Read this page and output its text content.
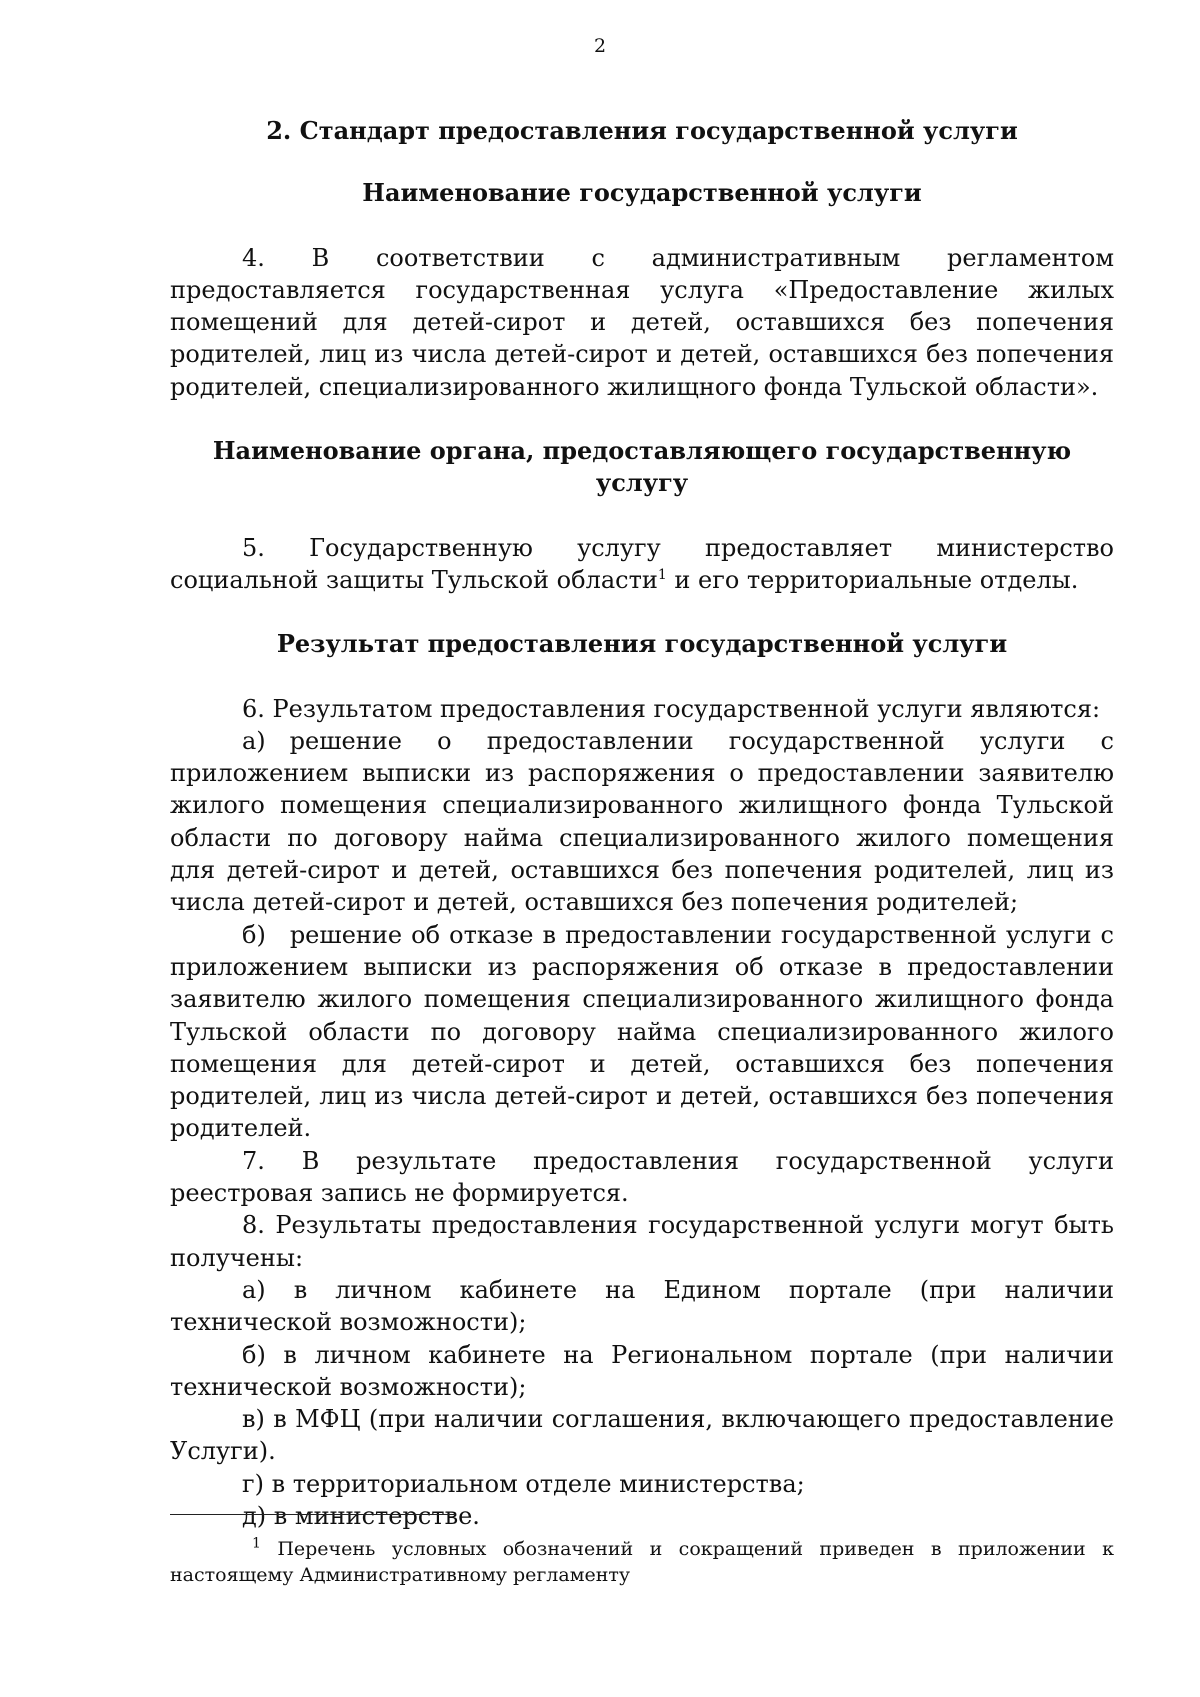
2

2. Стандарт предоставления государственной услуги

Наименование государственной услуги

4. В соответствии с административным регламентом предоставляется государственная услуга «Предоставление жилых помещений для детей-сирот и детей, оставшихся без попечения родителей, лиц из числа детей-сирот и детей, оставшихся без попечения родителей, специализированного жилищного фонда Тульской области».

Наименование органа, предоставляющего государственную услугу

5. Государственную услугу предоставляет министерство социальной защиты Тульской области$^1$ и его территориальные отделы.

Результат предоставления государственной услуги

6. Результатом предоставления государственной услуги являются:

а) решение о предоставлении государственной услуги с приложением выписки из распоряжения о предоставлении заявителю жилого помещения специализированного жилищного фонда Тульской области по договору найма специализированного жилого помещения для детей-сирот и детей, оставшихся без попечения родителей, лиц из числа детей-сирот и детей, оставшихся без попечения родителей;

б) решение об отказе в предоставлении государственной услуги с приложением выписки из распоряжения об отказе в предоставлении заявителю жилого помещения специализированного жилищного фонда Тульской области по договору найма специализированного жилого помещения для детей-сирот и детей, оставшихся без попечения родителей, лиц из числа детей-сирот и детей, оставшихся без попечения родителей.

7. В результате предоставления государственной услуги реестровая запись не формируется.

8. Результаты предоставления государственной услуги могут быть получены:

а) в личном кабинете на Едином портале (при наличии технической возможности);

б) в личном кабинете на Региональном портале (при наличии технической возможности);

в) в МФЦ (при наличии соглашения, включающего предоставление Услуги).

г) в территориальном отделе министерства;

д) в министерстве.

$^1$ Перечень условных обозначений и сокращений приведен в приложении к настоящему Административному регламенту
